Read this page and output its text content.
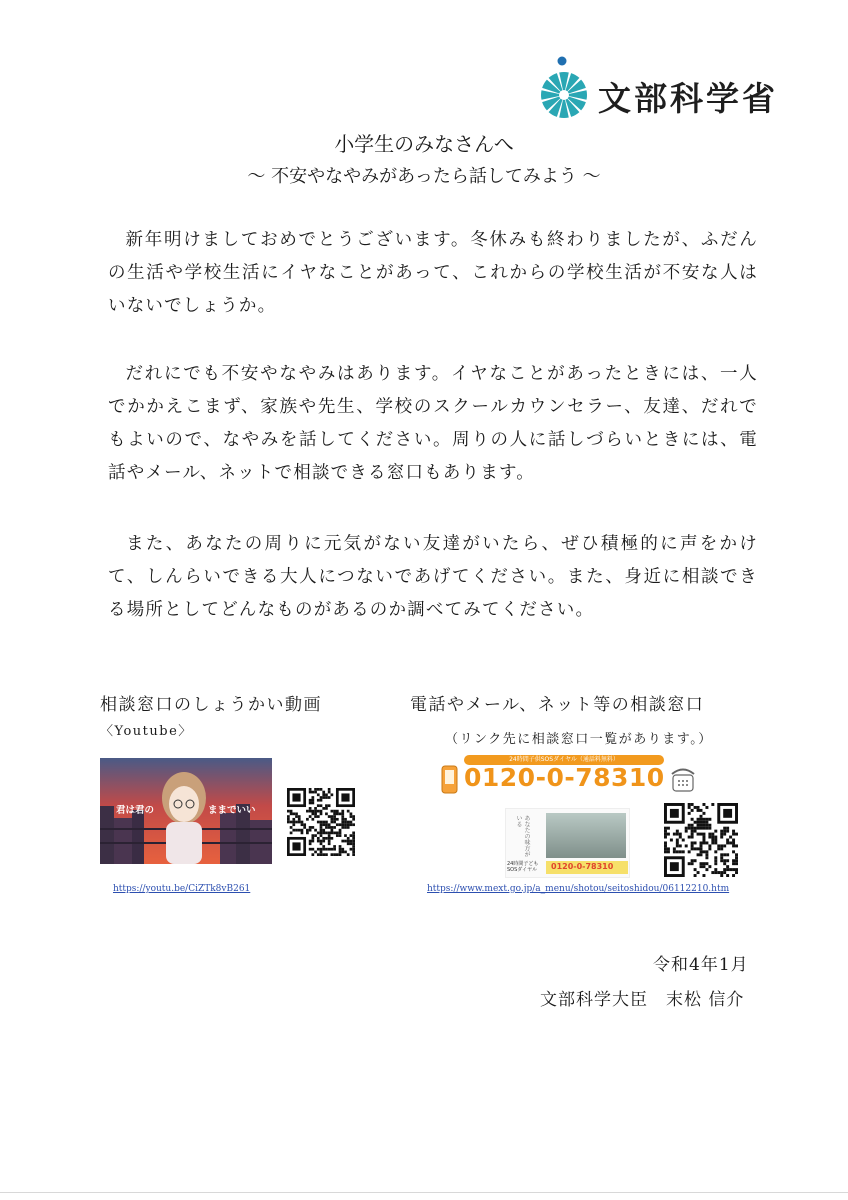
文部科学省
小学生のみなさんへ
～ 不安やなやみがあったら話してみよう ～
新年明けましておめでとうございます。冬休みも終わりましたが、ふだんの生活や学校生活にイヤなことがあって、これからの学校生活が不安な人はいないでしょうか。
だれにでも不安やなやみはあります。イヤなことがあったときには、一人でかかえこまず、家族や先生、学校のスクールカウンセラー、友達、だれでもよいので、なやみを話してください。周りの人に話しづらいときには、電話やメール、ネットで相談できる窓口もあります。
また、あなたの周りに元気がない友達がいたら、ぜひ積極的に声をかけて、しんらいできる大人につないであげてください。また、身近に相談できる場所としてどんなものがあるのか調べてみてください。
相談窓口のしょうかい動画
〈Youtube〉
君は君の	ままでいい
https://youtu.be/CiZTk8vB261
電話やメール、ネット等の相談窓口
（リンク先に相談窓口一覧があります。）
24時間子供SOSダイヤル（通話料無料）
0120-0-78310
あなたの味方がいる
24時間子ども SOSダイヤル	0120-0-78310
https://www.mext.go.jp/a_menu/shotou/seitoshidou/06112210.htm
令和4年1月
文部科学大臣 末松 信介
